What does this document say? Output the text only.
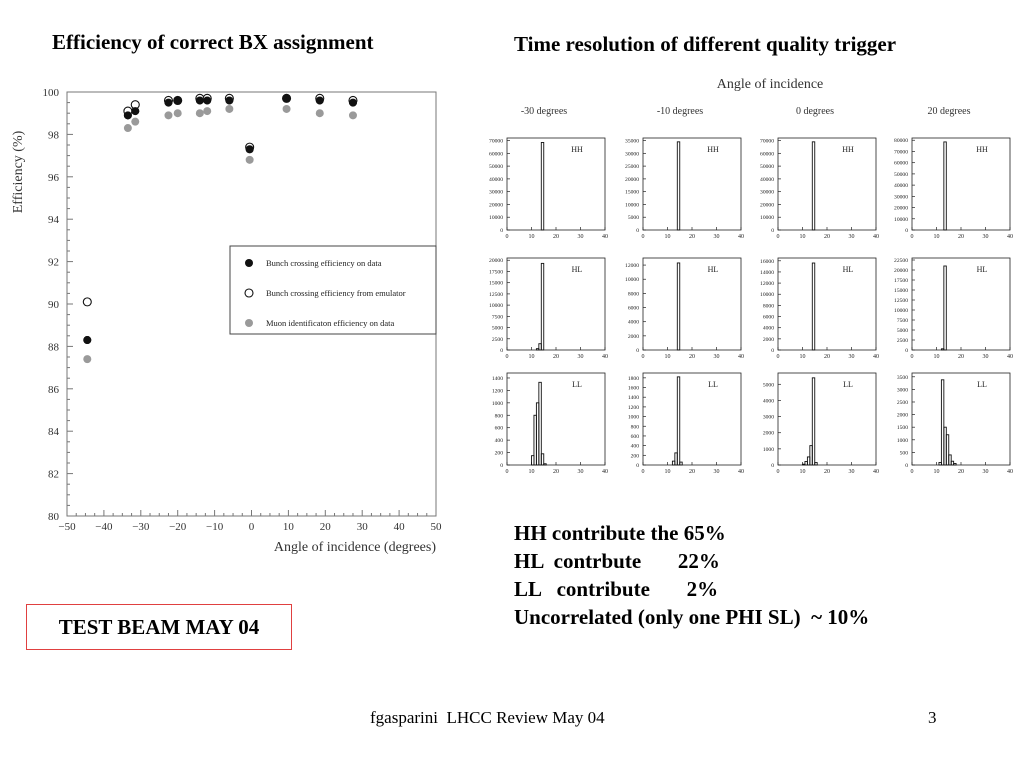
Efficiency of correct BX assignment	Time resolution of different quality trigger
−50 −40 −30 −20 −10 0	10 20 30 40 50
80
82
84
86
88
90
92
94
96
98
100
Angle of incidence (degrees)
Efficiency (%)
Bunch crossing efficiency on data
Bunch crossing efficiency from emulator
Muon identificaton efficiency on data
Angle of incidence
-30 degrees	-10 degrees	0 degrees	20 degrees
0
10000
20000
30000
40000
50000
60000
70000
0	10	20	30	40
HH
0
5000
10000
15000
20000
25000
30000
35000
0	10	20	30	40
HH
0
10000
20000
30000
40000
50000
60000
70000
0	10	20	30	40
HH
0
10000
20000
30000
40000
50000
60000
70000
80000
0	10	20	30	40
HH
0
2500
5000
7500
10000
12500
15000
17500
20000
0	10	20	30	40
HL
0
2000
4000
6000
8000
10000
12000
0	10	20	30	40
HL
0
2000
4000
6000
8000
10000
12000
14000
16000
0	10	20	30	40
HL
0
2500
5000
7500
10000
12500
15000
17500
20000
22500
0	10	20	30	40
HL
0
200
400
600
800
1000
1200
1400
0	10	20	30	40
LL
0
200
400
600
800
1000
1200
1400
1600
1800
0	10	20	30	40
LL
0
1000
2000
3000
4000
5000
0	10	20	30	40
LL
0
500
1000
1500
2000
2500
3000
3500
0	10	20	30	40
LL
HH contribute the 65%
HL  contrbute       22%
LL   contribute       2%
Uncorrelated (only one PHI SL)  ~ 10%
TEST BEAM MAY 04
fgasparini  LHCC Review May 04	3
